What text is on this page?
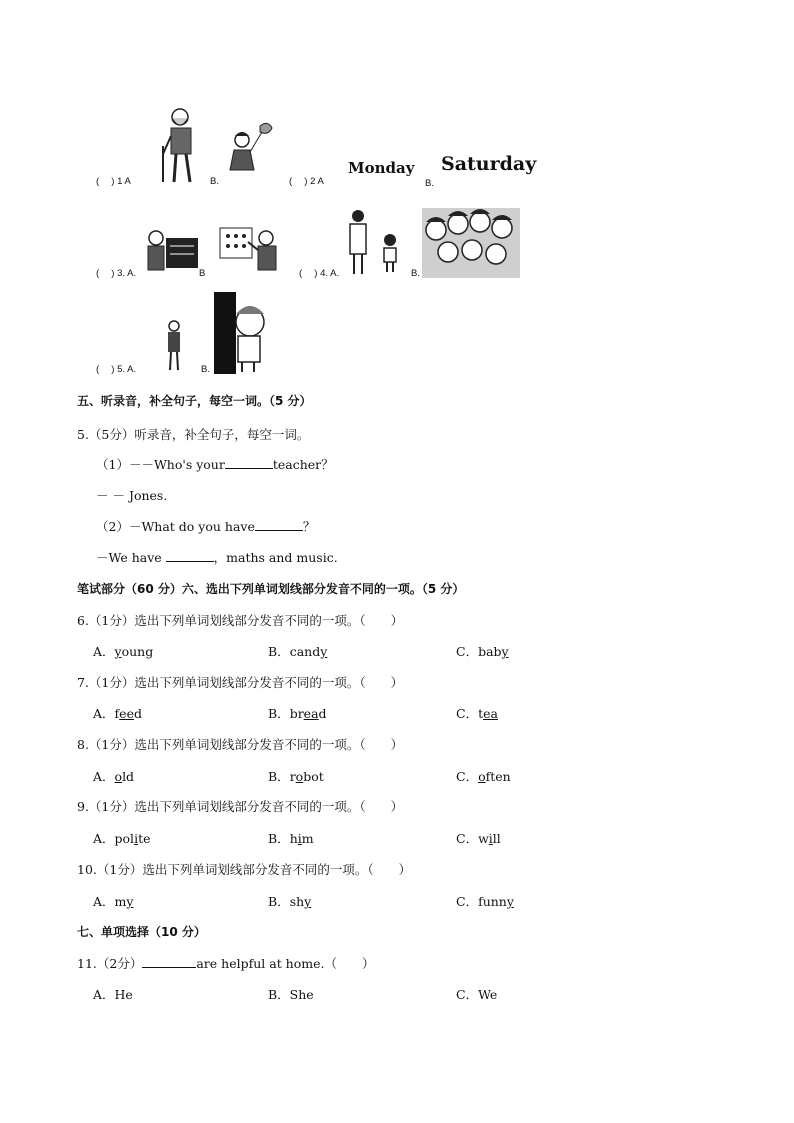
(　 ) 1 A	B.	(　 ) 2 A
Monday
B.
Saturday
(　 ) 3. A.	B	(　 ) 4. A.	B.
(　 ) 5. A.	B.
五、听录音，补全句子，每空一词。（5 分）
5.（5分）听录音，补全句子，每空一词。
（1）－－Who's your	teacher？
－ － Jones.
（2）－What do you have	？
－We have	，maths and music.
笔试部分（60 分）六、选出下列单词划线部分发音不同的一项。（5 分）
6.（1分）选出下列单词划线部分发音不同的一项。（　　）
A．young	B．candy	C．baby
7.（1分）选出下列单词划线部分发音不同的一项。（　　）
A．feed	B．bread	C．tea
8.（1分）选出下列单词划线部分发音不同的一项。（　　）
A．old	B．robot	C．often
9.（1分）选出下列单词划线部分发音不同的一项。（　　）
A．polite	B．him	C．will
10.（1分）选出下列单词划线部分发音不同的一项。（　　）
A．my	B．shy	C．funny
七、单项选择（10 分）
11.（2分）	are helpful at home.（　　）
A．He	B．She	C．We
